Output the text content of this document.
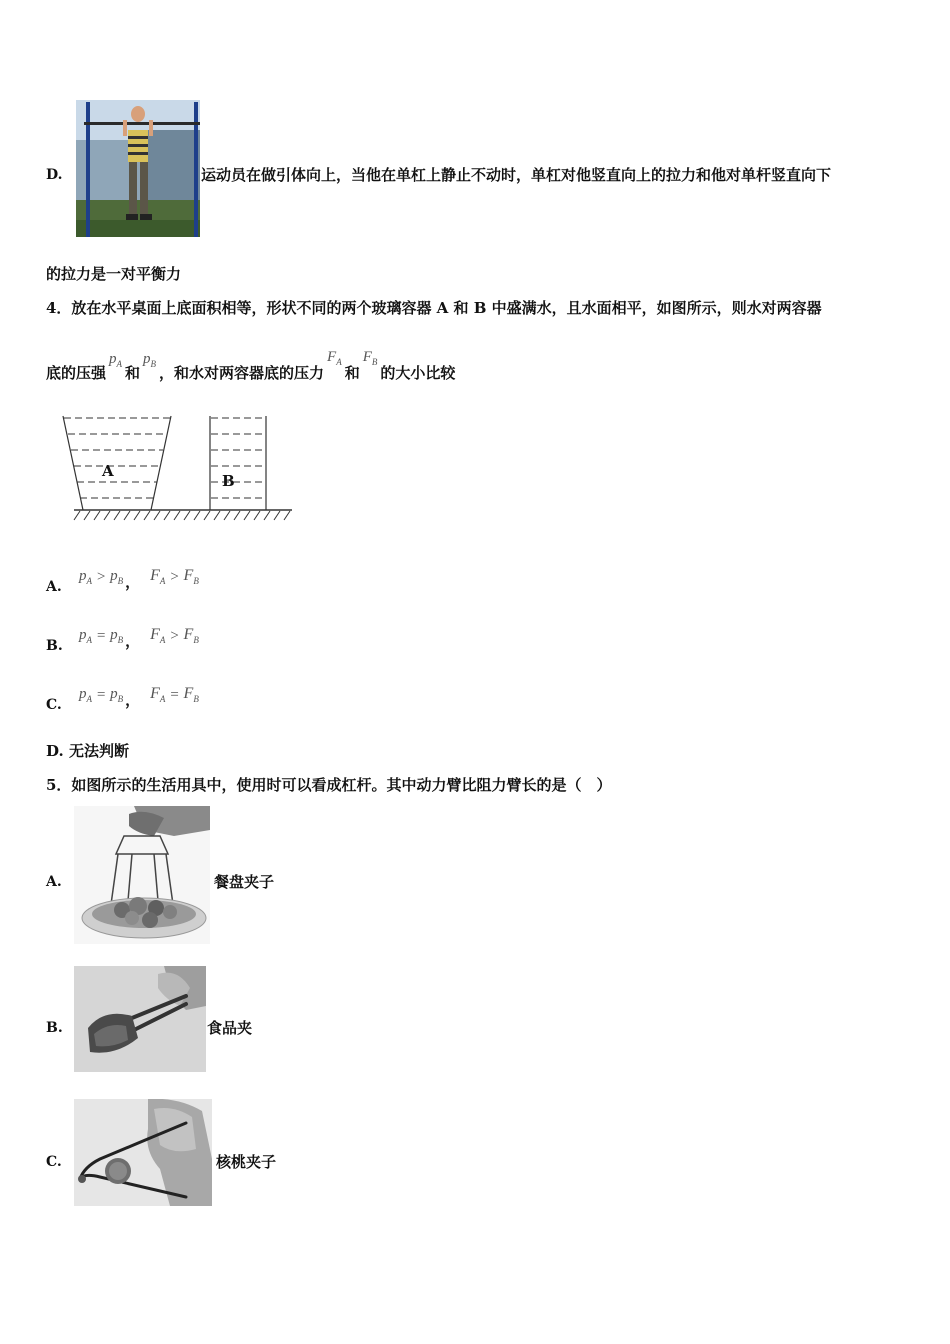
D.	运动员在做引体向上，当他在单杠上静止不动时，单杠对他竖直向上的拉力和他对单杆竖直向下
的拉力是一对平衡力
4．放在水平桌面上底面积相等，形状不同的两个玻璃容器 A 和 B 中盛满水，且水面相平，如图所示，则水对两容器
底的压强
$p_A$ 和
$p_B$ ，和水对两容器底的压力
$F_A$
和
$F_B$
的大小比较
A
B
A.
$p_A > p_B$ ， $F_A > F_B$
B.
$p_A = p_B$ ， $F_A > F_B$
C.
$p_A = p_B$ ， $F_A = F_B$
D. 无法判断
5．如图所示的生活用具中，使用时可以看成杠杆。其中动力臂比阻力臂长的是（　）
A.	餐盘夹子
B.	食品夹
C.	核桃夹子
